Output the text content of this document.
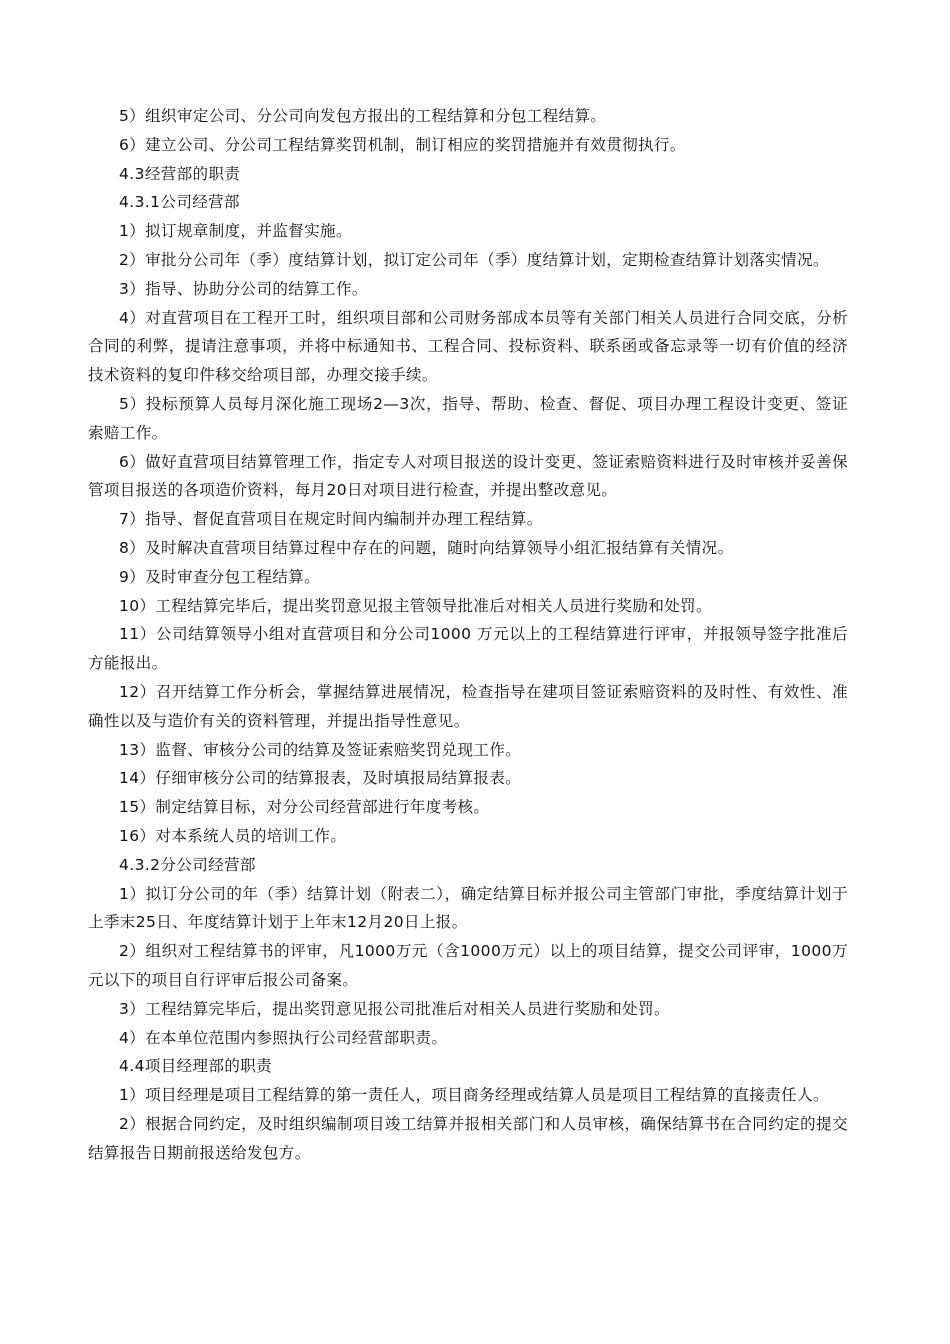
5）组织审定公司、分公司向发包方报出的工程结算和分包工程结算。

6）建立公司、分公司工程结算奖罚机制，制订相应的奖罚措施并有效贯彻执行。

4.3经营部的职责

4.3.1公司经营部

1）拟订规章制度，并监督实施。

2）审批分公司年（季）度结算计划，拟订定公司年（季）度结算计划，定期检查结算计划落实情况。

3）指导、协助分公司的结算工作。

4）对直营项目在工程开工时，组织项目部和公司财务部成本员等有关部门相关人员进行合同交底，分析合同的利弊，提请注意事项，并将中标通知书、工程合同、投标资料、联系函或备忘录等一切有价值的经济技术资料的复印件移交给项目部，办理交接手续。

5）投标预算人员每月深化施工现场2—3次，指导、帮助、检查、督促、项目办理工程设计变更、签证索赔工作。

6）做好直营项目结算管理工作，指定专人对项目报送的设计变更、签证索赔资料进行及时审核并妥善保管项目报送的各项造价资料，每月20日对项目进行检查，并提出整改意见。

7）指导、督促直营项目在规定时间内编制并办理工程结算。

8）及时解决直营项目结算过程中存在的问题，随时向结算领导小组汇报结算有关情况。

9）及时审查分包工程结算。

10）工程结算完毕后，提出奖罚意见报主管领导批准后对相关人员进行奖励和处罚。

11）公司结算领导小组对直营项目和分公司1000 万元以上的工程结算进行评审，并报领导签字批准后方能报出。

12）召开结算工作分析会，掌握结算进展情况，检查指导在建项目签证索赔资料的及时性、有效性、准确性以及与造价有关的资料管理，并提出指导性意见。

13）监督、审核分公司的结算及签证索赔奖罚兑现工作。

14）仔细审核分公司的结算报表，及时填报局结算报表。

15）制定结算目标，对分公司经营部进行年度考核。

16）对本系统人员的培训工作。

4.3.2分公司经营部

1）拟订分公司的年（季）结算计划（附表二），确定结算目标并报公司主管部门审批，季度结算计划于上季末25日、年度结算计划于上年末12月20日上报。

2）组织对工程结算书的评审，凡1000万元（含1000万元）以上的项目结算，提交公司评审，1000万元以下的项目自行评审后报公司备案。

3）工程结算完毕后，提出奖罚意见报公司批准后对相关人员进行奖励和处罚。

4）在本单位范围内参照执行公司经营部职责。

4.4项目经理部的职责

1）项目经理是项目工程结算的第一责任人，项目商务经理或结算人员是项目工程结算的直接责任人。

2）根据合同约定，及时组织编制项目竣工结算并报相关部门和人员审核，确保结算书在合同约定的提交结算报告日期前报送给发包方。
